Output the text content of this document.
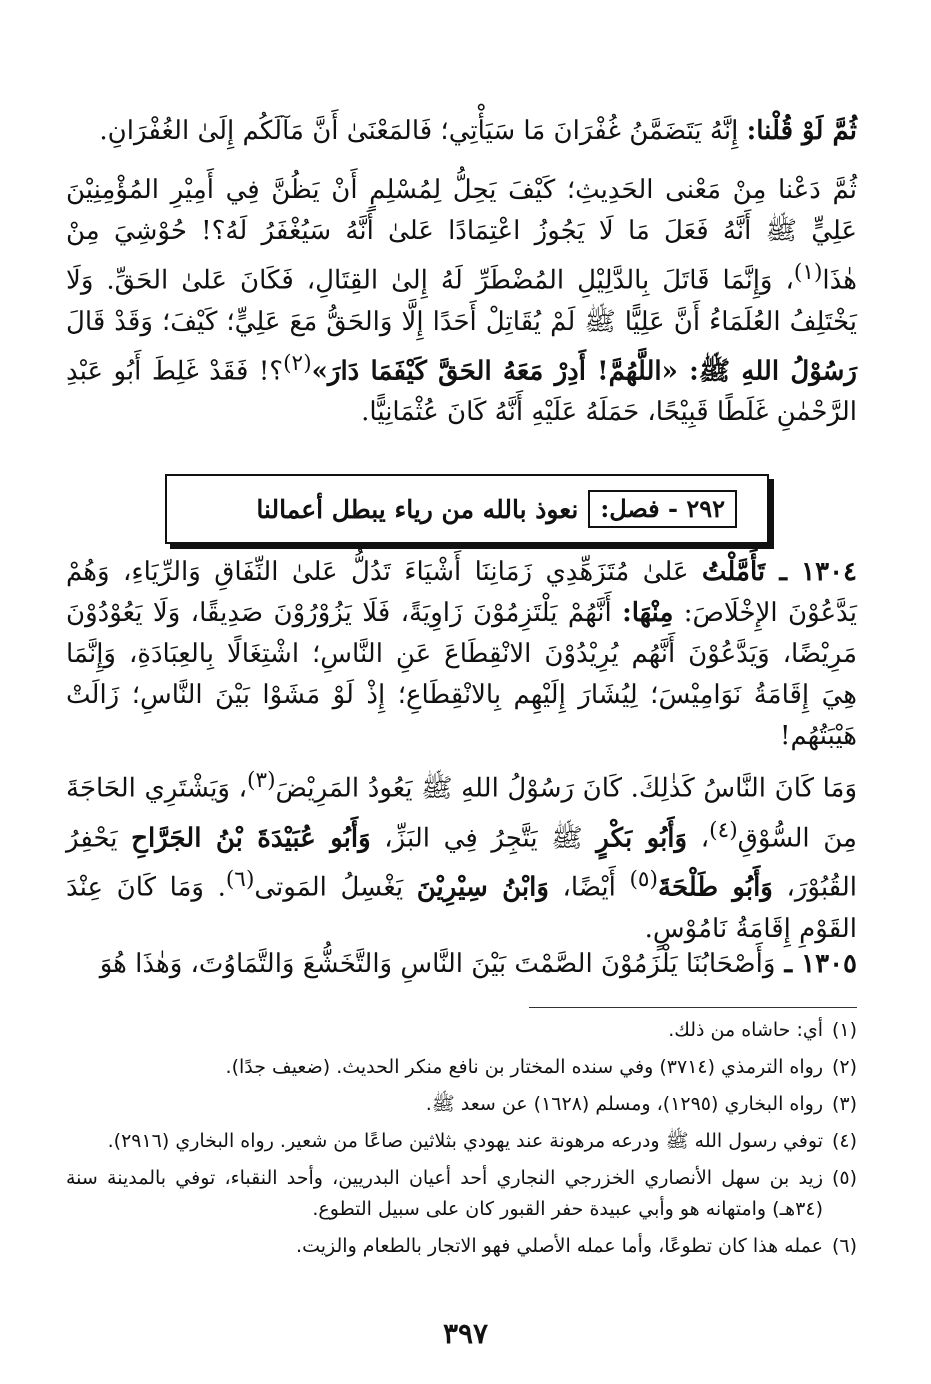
ثُمَّ لَوْ قُلْنا: إِنَّهُ يَتَضَمَّنُ غُفْرَانَ مَا سَيَأْتِي؛ فَالمَعْنَىٰ أَنَّ مَآلَكُم إِلَىٰ الغُفْرَانِ.

ثُمَّ دَعْنا مِنْ مَعْنى الحَدِيثِ؛ كَيْفَ يَحِلُّ لِمُسْلِمٍ أَنْ يَظُنَّ فِي أَمِيْرِ المُؤْمِنِيْنَ عَلِيٍّ ﷺ أَنَّهُ فَعَلَ مَا لَا يَجُوزُ اعْتِمَادًا عَلىٰ أَنَّهُ سَيُغْفَرُ لَهُ؟! حُوْشِيَ مِنْ هٰذَا$^{(١)}$، وَإِنَّمَا قَاتَلَ بِالدَّلِيْلِ المُضْطَرِّ لَهُ إِلىٰ القِتَالِ، فَكَانَ عَلىٰ الحَقِّ. وَلَا يَخْتَلِفُ العُلَمَاءُ أَنَّ عَلِيًّا ﷺ لَمْ يُقَاتِلْ أَحَدًا إِلَّا وَالحَقُّ مَعَ عَلِيٍّ؛ كَيْفَ؛ وَقَدْ قَالَ رَسُوْلُ اللهِ ﷺ: «اللَّهُمَّ! أَدِرْ مَعَهُ الحَقَّ كَيْفَمَا دَارَ»$^{(٢)}$؟! فَقَدْ غَلِطَ أَبُو عَبْدِ الرَّحْمٰنِ غَلَطًا قَبِيْحًا، حَمَلَهُ عَلَيْهِ أَنَّهُ كَانَ عُثْمَانِيًّا.

٢٩٢ - فصل:
نعوذ بالله من رياء يبطل أعمالنا

١٣٠٤ ـ تَأَمَّلْتُ عَلىٰ مُتَزَهِّدِي زَمَانِنَا أَشْيَاءَ تَدُلُّ عَلىٰ النِّفَاقِ وَالرِّيَاءِ، وَهُمْ يَدَّعُوْنَ الإِخْلَاصَ: مِنْهَا: أَنَّهُمْ يَلْتَزِمُوْنَ زَاوِيَةً، فَلَا يَزُوْرُوْنَ صَدِيقًا، وَلَا يَعُوْدُوْنَ مَرِيْضًا، وَيَدَّعُوْنَ أَنَّهُم يُرِيْدُوْنَ الانْقِطَاعَ عَنِ النَّاسِ؛ اشْتِغَالًا بِالعِبَادَةِ، وَإِنَّمَا هِيَ إِقَامَةُ نَوَامِيْسَ؛ لِيُشَارَ إِلَيْهِم بِالانْقِطَاعِ؛ إِذْ لَوْ مَشَوْا بَيْنَ النَّاسِ؛ زَالَتْ هَيْبَتُهُم!

وَمَا كَانَ النَّاسُ كَذٰلِكَ. كَانَ رَسُوْلُ اللهِ ﷺ يَعُودُ المَرِيْضَ$^{(٣)}$، وَيَشْتَرِي الحَاجَةَ مِنَ السُّوْقِ$^{(٤)}$، وَأَبُو بَكْرٍ ﷺ يَتَّجِرُ فِي البَزِّ، وَأَبُو عُبَيْدَةَ بْنُ الجَرَّاحِ يَحْفِرُ القُبُوْرَ، وَأَبُو طَلْحَةَ$^{(٥)}$ أَيْضًا، وَابْنُ سِيْرِيْنَ يَغْسِلُ المَوتى$^{(٦)}$. وَمَا كَانَ عِنْدَ القَوْمِ إِقَامَةُ نَامُوْسٍ.

١٣٠٥ ـ وَأَصْحَابُنَا يَلْزَمُوْنَ الصَّمْتَ بَيْنَ النَّاسِ وَالتَّخَشُّعَ وَالتَّمَاوُتَ، وَهٰذَا هُوَ

(١)
أي: حاشاه من ذلك.
(٢)
رواه الترمذي (٣٧١٤) وفي سنده المختار بن نافع منكر الحديث. (ضعيف جدًا).
(٣)
رواه البخاري (١٢٩٥)، ومسلم (١٦٢٨) عن سعد ﷺ.
(٤)
توفي رسول الله ﷺ ودرعه مرهونة عند يهودي بثلاثين صاعًا من شعير. رواه البخاري (٢٩١٦).
(٥)
زيد بن سهل الأنصاري الخزرجي النجاري أحد أعيان البدريين، وأحد النقباء، توفي بالمدينة سنة (٣٤هـ) وامتهانه هو وأبي عبيدة حفر القبور كان على سبيل التطوع.
(٦)
عمله هذا كان تطوعًا، وأما عمله الأصلي فهو الاتجار بالطعام والزيت.
٣٩٧
